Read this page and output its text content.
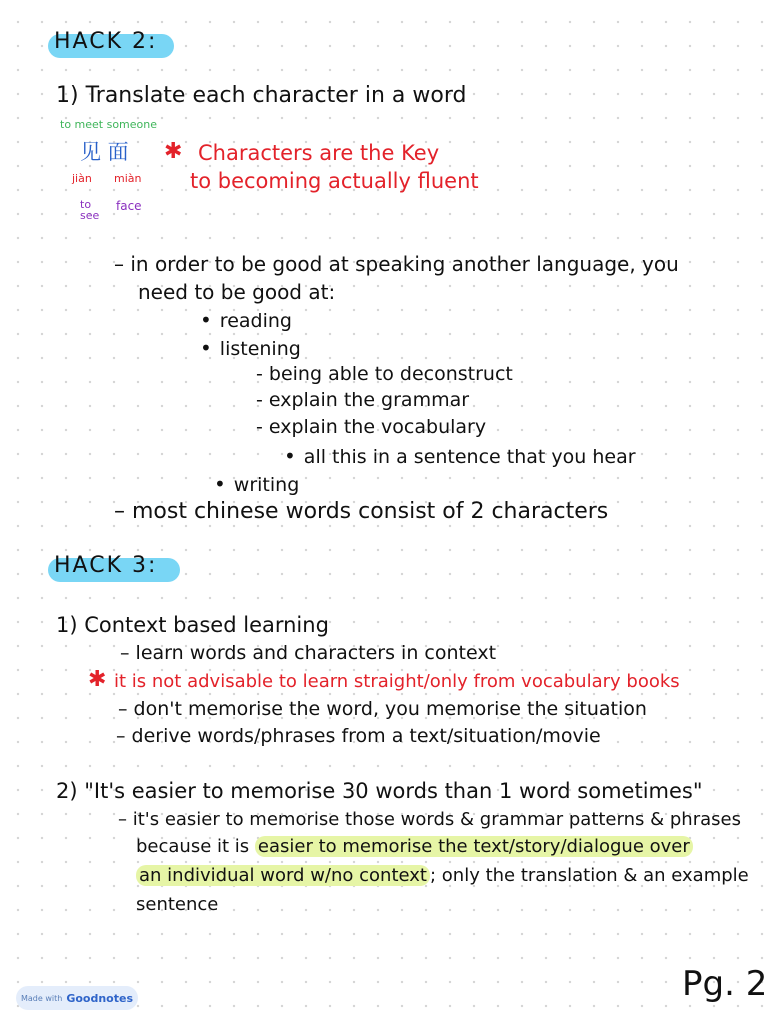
HACK 2:
1) Translate each character in a word
to meet someone
见 面
jiàn miàn
to see
face
✱ Characters are the Key
to becoming actually fluent
– in order to be good at speaking another language, you
need to be good at:
• reading
• listening
- being able to deconstruct
- explain the grammar
- explain the vocabulary
• all this in a sentence that you hear
• writing
– most chinese words consist of 2 characters
HACK 3:
1) Context based learning
– learn words and characters in context
✱ it is not advisable to learn straight/only from vocabulary books
– don't memorise the word, you memorise the situation
– derive words/phrases from a text/situation/movie
2) "It's easier to memorise 30 words than 1 word sometimes"
– it's easier to memorise those words & grammar patterns & phrases
because it is easier to memorise the text/story/dialogue over
an individual word w/no context ; only the translation & an example
sentence
Made with Goodnotes	Pg. 2
